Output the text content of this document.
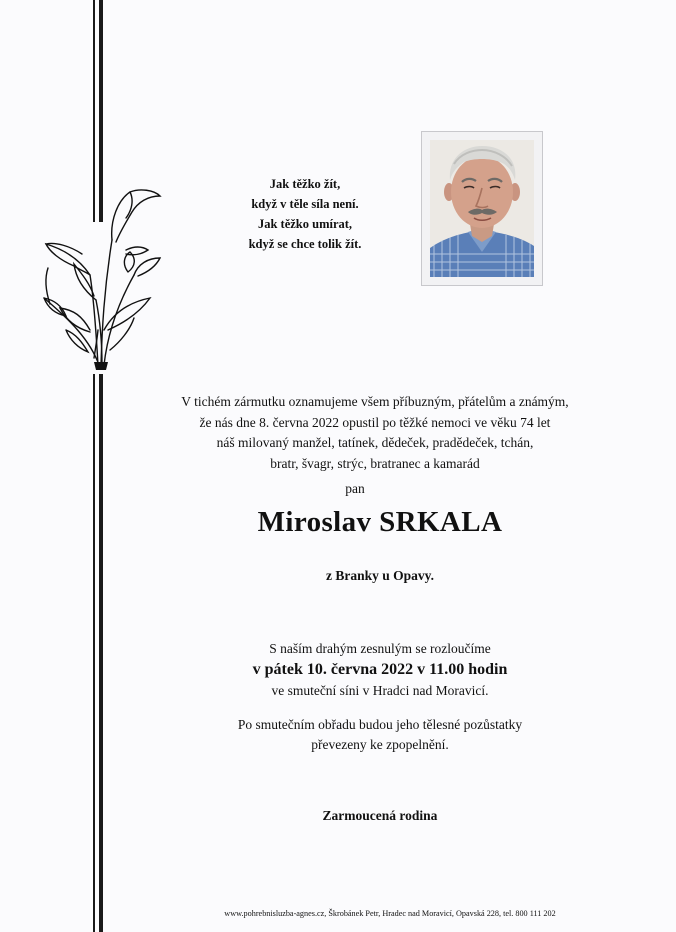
Jak těžko žít,
když v těle síla není.
Jak těžko umírat,
když se chce tolik žít.
V tichém zármutku oznamujeme všem příbuzným, přátelům a známým,
že nás dne 8. června 2022 opustil po těžké nemoci ve věku 74 let
náš milovaný manžel, tatínek, dědeček, pradědeček, tchán,
bratr, švagr, strýc, bratranec a kamarád
pan
Miroslav SRKALA
z Branky u Opavy.
S naším drahým zesnulým se rozloučíme
v pátek 10. června 2022 v 11.00 hodin
ve smuteční síni v Hradci nad Moravicí.
Po smutečním obřadu budou jeho tělesné pozůstatky
převezeny ke zpopelnění.
Zarmoucená rodina
www.pohrebnisluzba-agnes.cz, Škrobánek Petr, Hradec nad Moravicí, Opavská 228, tel. 800 111 202
